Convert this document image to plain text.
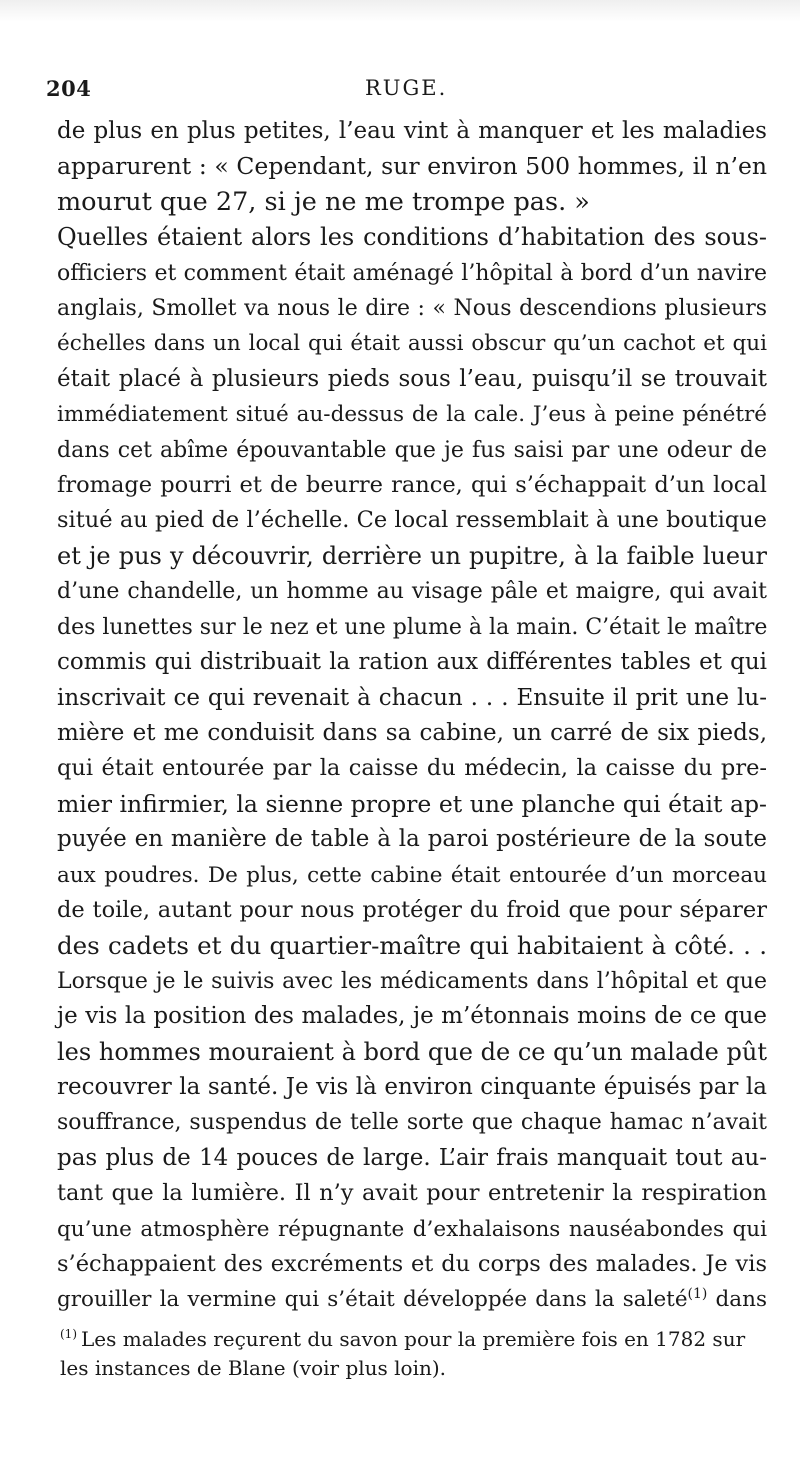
204	RUGE.
de plus en plus petites, l’eau vint à manquer et les maladies
apparurent : « Cependant, sur environ 500 hommes, il n’en
mourut que 27, si je ne me trompe pas. »
Quelles étaient alors les conditions d’habitation des sous-
officiers et comment était aménagé l’hôpital à bord d’un navire
anglais, Smollet va nous le dire : « Nous descendions plusieurs
échelles dans un local qui était aussi obscur qu’un cachot et qui
était placé à plusieurs pieds sous l’eau, puisqu’il se trouvait
immédiatement situé au-dessus de la cale. J’eus à peine pénétré
dans cet abîme épouvantable que je fus saisi par une odeur de
fromage pourri et de beurre rance, qui s’échappait d’un local
situé au pied de l’échelle. Ce local ressemblait à une boutique
et je pus y découvrir, derrière un pupitre, à la faible lueur
d’une chandelle, un homme au visage pâle et maigre, qui avait
des lunettes sur le nez et une plume à la main. C’était le maître
commis qui distribuait la ration aux différentes tables et qui
inscrivait ce qui revenait à chacun . . . Ensuite il prit une lu-
mière et me conduisit dans sa cabine, un carré de six pieds,
qui était entourée par la caisse du médecin, la caisse du pre-
mier infirmier, la sienne propre et une planche qui était ap-
puyée en manière de table à la paroi postérieure de la soute
aux poudres. De plus, cette cabine était entourée d’un morceau
de toile, autant pour nous protéger du froid que pour séparer
des cadets et du quartier-maître qui habitaient à côté. . .
Lorsque je le suivis avec les médicaments dans l’hôpital et que
je vis la position des malades, je m’étonnais moins de ce que
les hommes mouraient à bord que de ce qu’un malade pût
recouvrer la santé. Je vis là environ cinquante épuisés par la
souffrance, suspendus de telle sorte que chaque hamac n’avait
pas plus de 14 pouces de large. L’air frais manquait tout au-
tant que la lumière. Il n’y avait pour entretenir la respiration
qu’une atmosphère répugnante d’exhalaisons nauséabondes qui
s’échappaient des excréments et du corps des malades. Je vis
grouiller la vermine qui s’était développée dans la saleté$^{(1)}$ dans
$^{(1)}$ Les malades reçurent du savon pour la première fois en 1782 sur les instances de Blane (voir plus loin).
